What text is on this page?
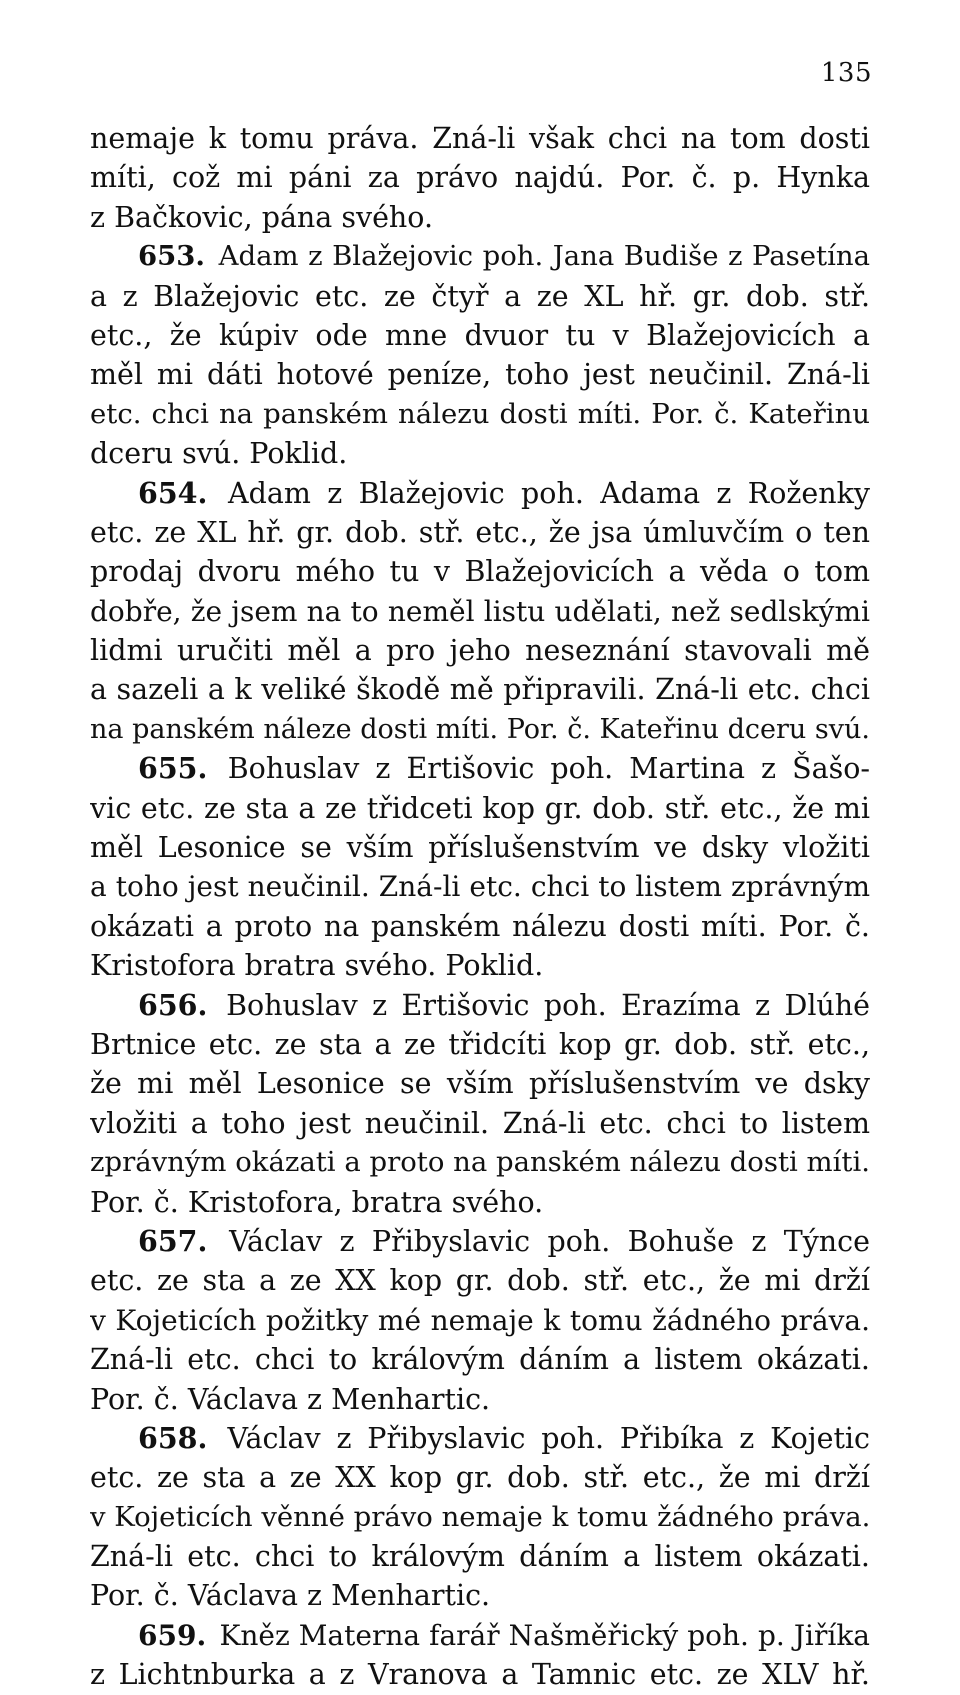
135
nemaje k tomu práva. Zná-li však chci na tom dosti
míti, což mi páni za právo najdú. Por. č. p. Hynka
z Bačkovic, pána svého.
653. Adam z Blažejovic poh. Jana Budiše z Pasetína
a z Blažejovic etc. ze čtyř a ze XL hř. gr. dob. stř.
etc., že kúpiv ode mne dvuor tu v Blažejovicích a
měl mi dáti hotové peníze, toho jest neučinil. Zná-li
etc. chci na panském nálezu dosti míti. Por. č. Kateřinu
dceru svú. Poklid.
654. Adam z Blažejovic poh. Adama z Roženky
etc. ze XL hř. gr. dob. stř. etc., že jsa úmluvčím o ten
prodaj dvoru mého tu v Blažejovicích a věda o tom
dobře, že jsem na to neměl listu udělati, než sedlskými
lidmi uručiti měl a pro jeho neseznání stavovali mě
a sazeli a k veliké škodě mě připravili. Zná-li etc. chci
na panském náleze dosti míti. Por. č. Kateřinu dceru svú.
655. Bohuslav z Ertišovic poh. Martina z Šašo-
vic etc. ze sta a ze třidceti kop gr. dob. stř. etc., že mi
měl Lesonice se vším příslušenstvím ve dsky vložiti
a toho jest neučinil. Zná-li etc. chci to listem zprávným
okázati a proto na panském nálezu dosti míti. Por. č.
Kristofora bratra svého. Poklid.
656. Bohuslav z Ertišovic poh. Erazíma z Dlúhé
Brtnice etc. ze sta a ze třidcíti kop gr. dob. stř. etc.,
že mi měl Lesonice se vším příslušenstvím ve dsky
vložiti a toho jest neučinil. Zná-li etc. chci to listem
zprávným okázati a proto na panském nálezu dosti míti.
Por. č. Kristofora, bratra svého.
657. Václav z Přibyslavic poh. Bohuše z Týnce
etc. ze sta a ze XX kop gr. dob. stř. etc., že mi drží
v Kojeticích požitky mé nemaje k tomu žádného práva.
Zná-li etc. chci to královým dáním a listem okázati.
Por. č. Václava z Menhartic.
658. Václav z Přibyslavic poh. Přibíka z Kojetic
etc. ze sta a ze XX kop gr. dob. stř. etc., že mi drží
v Kojeticích věnné právo nemaje k tomu žádného práva.
Zná-li etc. chci to královým dáním a listem okázati.
Por. č. Václava z Menhartic.
659. Kněz Materna farář Našměřický poh. p. Jiříka
z Lichtnburka a z Vranova a Tamnic etc. ze XLV hř.
